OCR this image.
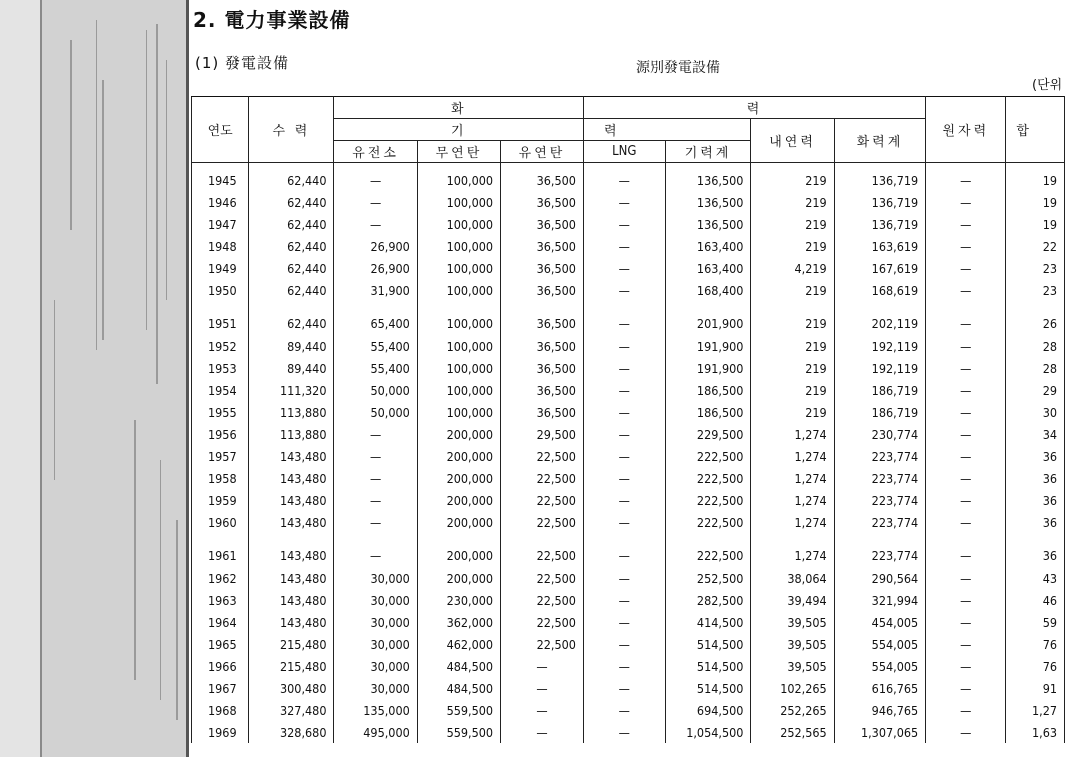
2. 電力事業設備
(1) 發電設備	源別發電設備
(단위
연도	수 력	화			력				원자력	합
		기			력		내연력	화력계		
		유전소	무연탄	유연탄	LNG	기력계				
1945	62,440	—	100,000	36,500	—	136,500	219	136,719	—	19
1946	62,440	—	100,000	36,500	—	136,500	219	136,719	—	19
1947	62,440	—	100,000	36,500	—	136,500	219	136,719	—	19
1948	62,440	26,900	100,000	36,500	—	163,400	219	163,619	—	22
1949	62,440	26,900	100,000	36,500	—	163,400	4,219	167,619	—	23
1950	62,440	31,900	100,000	36,500	—	168,400	219	168,619	—	23
1951	62,440	65,400	100,000	36,500	—	201,900	219	202,119	—	26
1952	89,440	55,400	100,000	36,500	—	191,900	219	192,119	—	28
1953	89,440	55,400	100,000	36,500	—	191,900	219	192,119	—	28
1954	111,320	50,000	100,000	36,500	—	186,500	219	186,719	—	29
1955	113,880	50,000	100,000	36,500	—	186,500	219	186,719	—	30
1956	113,880	—	200,000	29,500	—	229,500	1,274	230,774	—	34
1957	143,480	—	200,000	22,500	—	222,500	1,274	223,774	—	36
1958	143,480	—	200,000	22,500	—	222,500	1,274	223,774	—	36
1959	143,480	—	200,000	22,500	—	222,500	1,274	223,774	—	36
1960	143,480	—	200,000	22,500	—	222,500	1,274	223,774	—	36
1961	143,480	—	200,000	22,500	—	222,500	1,274	223,774	—	36
1962	143,480	30,000	200,000	22,500	—	252,500	38,064	290,564	—	43
1963	143,480	30,000	230,000	22,500	—	282,500	39,494	321,994	—	46
1964	143,480	30,000	362,000	22,500	—	414,500	39,505	454,005	—	59
1965	215,480	30,000	462,000	22,500	—	514,500	39,505	554,005	—	76
1966	215,480	30,000	484,500	—	—	514,500	39,505	554,005	—	76
1967	300,480	30,000	484,500	—	—	514,500	102,265	616,765	—	91
1968	327,480	135,000	559,500	—	—	694,500	252,265	946,765	—	1,27
1969	328,680	495,000	559,500	—	—	1,054,500	252,565	1,307,065	—	1,63
